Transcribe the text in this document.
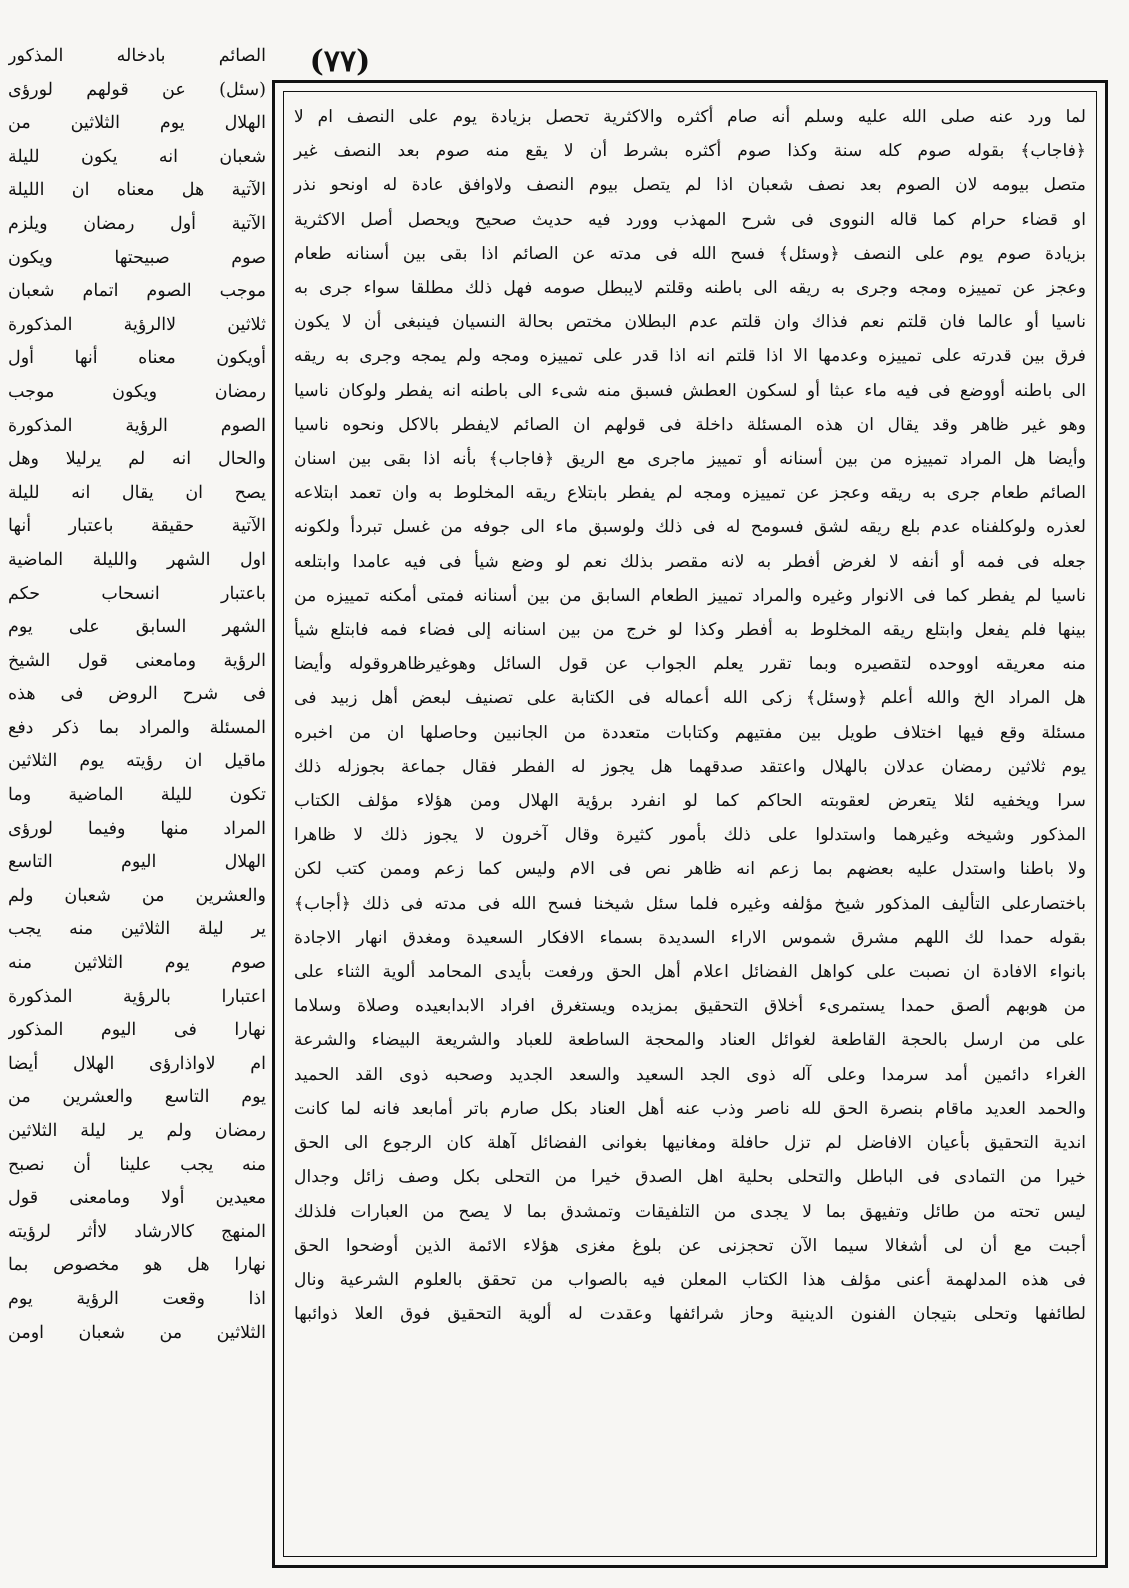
(٧٧)

الصائم بادخاله المذكور

(سئل) عن قولهم لورؤى

الهلال يوم الثلاثين من

شعبان انه يكون لليلة

الآتية هل معناه ان الليلة

الآتية أول رمضان ويلزم

صوم صبيحتها ويكون

موجب الصوم اتمام شعبان

ثلاثين لاالرؤية المذكورة

أويكون معناه أنها أول

رمضان ويكون موجب

الصوم الرؤية المذكورة

والحال انه لم يرليلا وهل

يصح ان يقال انه لليلة

الآتية حقيقة باعتبار أنها

اول الشهر والليلة الماضية

باعتبار انسحاب حكم

الشهر السابق على يوم

الرؤية ومامعنى قول الشيخ

فى شرح الروض فى هذه

المسئلة والمراد بما ذكر دفع

ماقيل ان رؤيته يوم الثلاثين

تكون لليلة الماضية وما

المراد منها وفيما لورؤى

الهلال اليوم التاسع

والعشرين من شعبان ولم

ير ليلة الثلاثين منه يجب

صوم يوم الثلاثين منه

اعتبارا بالرؤية المذكورة

نهارا فى اليوم المذكور

ام لاواذارؤى الهلال أيضا

يوم التاسع والعشرين من

رمضان ولم ير ليلة الثلاثين

منه يجب علينا أن نصبح

معيدين أولا ومامعنى قول

المنهج كالارشاد لاأثر لرؤيته

نهارا هل هو مخصوص بما

اذا وقعت الرؤية يوم

الثلاثين من شعبان اومن

لما ورد عنه صلى الله عليه وسلم أنه صام أكثره والاكثرية تحصل بزيادة يوم على النصف ام لا

﴿فاجاب﴾ بقوله صوم كله سنة وكذا صوم أكثره بشرط أن لا يقع منه صوم بعد النصف غير

متصل بيومه لان الصوم بعد نصف شعبان اذا لم يتصل بيوم النصف ولاوافق عادة له اونحو نذر

او قضاء حرام كما قاله النووى فى شرح المهذب وورد فيه حديث صحيح ويحصل أصل الاكثرية

بزيادة صوم يوم على النصف ﴿وسئل﴾ فسح الله فى مدته عن الصائم اذا بقى بين أسنانه طعام

وعجز عن تمييزه ومجه وجرى به ريقه الى باطنه وقلتم لايبطل صومه فهل ذلك مطلقا سواء جرى به

ناسيا أو عالما فان قلتم نعم فذاك وان قلتم عدم البطلان مختص بحالة النسيان فينبغى أن لا يكون

فرق بين قدرته على تمييزه وعدمها الا اذا قلتم انه اذا قدر على تمييزه ومجه ولم يمجه وجرى به ريقه

الى باطنه أووضع فى فيه ماء عبثا أو لسكون العطش فسبق منه شىء الى باطنه انه يفطر ولوكان ناسيا

وهو غير ظاهر وقد يقال ان هذه المسئلة داخلة فى قولهم ان الصائم لايفطر بالاكل ونحوه ناسيا

وأيضا هل المراد تمييزه من بين أسنانه أو تمييز ماجرى مع الريق ﴿فاجاب﴾ بأنه اذا بقى بين اسنان

الصائم طعام جرى به ريقه وعجز عن تمييزه ومجه لم يفطر بابتلاع ريقه المخلوط به وان تعمد ابتلاعه

لعذره ولوكلفناه عدم بلع ريقه لشق فسومح له فى ذلك ولوسبق ماء الى جوفه من غسل تبردأ ولكونه

جعله فى فمه أو أنفه لا لغرض أفطر به لانه مقصر بذلك نعم لو وضع شيأ فى فيه عامدا وابتلعه

ناسيا لم يفطر كما فى الانوار وغيره والمراد تمييز الطعام السابق من بين أسنانه فمتى أمكنه تمييزه من

بينها فلم يفعل وابتلع ريقه المخلوط به أفطر وكذا لو خرج من بين اسنانه إلى فضاء فمه فابتلع شيأ

منه معريقه اووحده لتقصيره وبما تقرر يعلم الجواب عن قول السائل وهوغيرظاهروقوله وأيضا

هل المراد الخ والله أعلم ﴿وسئل﴾ زكى الله أعماله فى الكتابة على تصنيف لبعض أهل زبيد فى

مسئلة وقع فيها اختلاف طويل بين مفتيهم وكتابات متعددة من الجانبين وحاصلها ان من اخبره

يوم ثلاثين رمضان عدلان بالهلال واعتقد صدقهما هل يجوز له الفطر فقال جماعة بجوزله ذلك

سرا ويخفيه لئلا يتعرض لعقوبته الحاكم كما لو انفرد برؤية الهلال ومن هؤلاء مؤلف الكتاب

المذكور وشيخه وغيرهما واستدلوا على ذلك بأمور كثيرة وقال آخرون لا يجوز ذلك لا ظاهرا

ولا باطنا واستدل عليه بعضهم بما زعم انه ظاهر نص فى الام وليس كما زعم وممن كتب لكن

باختصارعلى التأليف المذكور شيخ مؤلفه وغيره فلما سئل شيخنا فسح الله فى مدته فى ذلك ﴿أجاب﴾

بقوله حمدا لك اللهم مشرق شموس الاراء السديدة بسماء الافكار السعيدة ومغدق انهار الاجادة

بانواء الافادة ان نصبت على كواهل الفضائل اعلام أهل الحق ورفعت بأيدى المحامد ألوية الثناء على

من هوبهم ألصق حمدا يستمرىء أخلاق التحقيق بمزيده ويستغرق افراد الابدابعيده وصلاة وسلاما

على من ارسل بالحجة القاطعة لغوائل العناد والمحجة الساطعة للعباد والشريعة البيضاء والشرعة

الغراء دائمين أمد سرمدا وعلى آله ذوى الجد السعيد والسعد الجديد وصحبه ذوى القد الحميد

والحمد العديد ماقام بنصرة الحق لله ناصر وذب عنه أهل العناد بكل صارم باتر أمابعد فانه لما كانت

اندية التحقيق بأعيان الافاضل لم تزل حافلة ومغانيها بغوانى الفضائل آهلة كان الرجوع الى الحق

خيرا من التمادى فى الباطل والتحلى بحلية اهل الصدق خيرا من التحلى بكل وصف زائل وجدال

ليس تحته من طائل وتفيهق بما لا يجدى من التلفيقات وتمشدق بما لا يصح من العبارات فلذلك

أجبت مع أن لى أشغالا سيما الآن تحجزنى عن بلوغ مغزى هؤلاء الائمة الذين أوضحوا الحق

فى هذه المدلهمة أعنى مؤلف هذا الكتاب المعلن فيه بالصواب من تحقق بالعلوم الشرعية ونال

لطائفها وتحلى بتيجان الفنون الدينية وحاز شرائفها وعقدت له ألوية التحقيق فوق العلا ذوائبها
